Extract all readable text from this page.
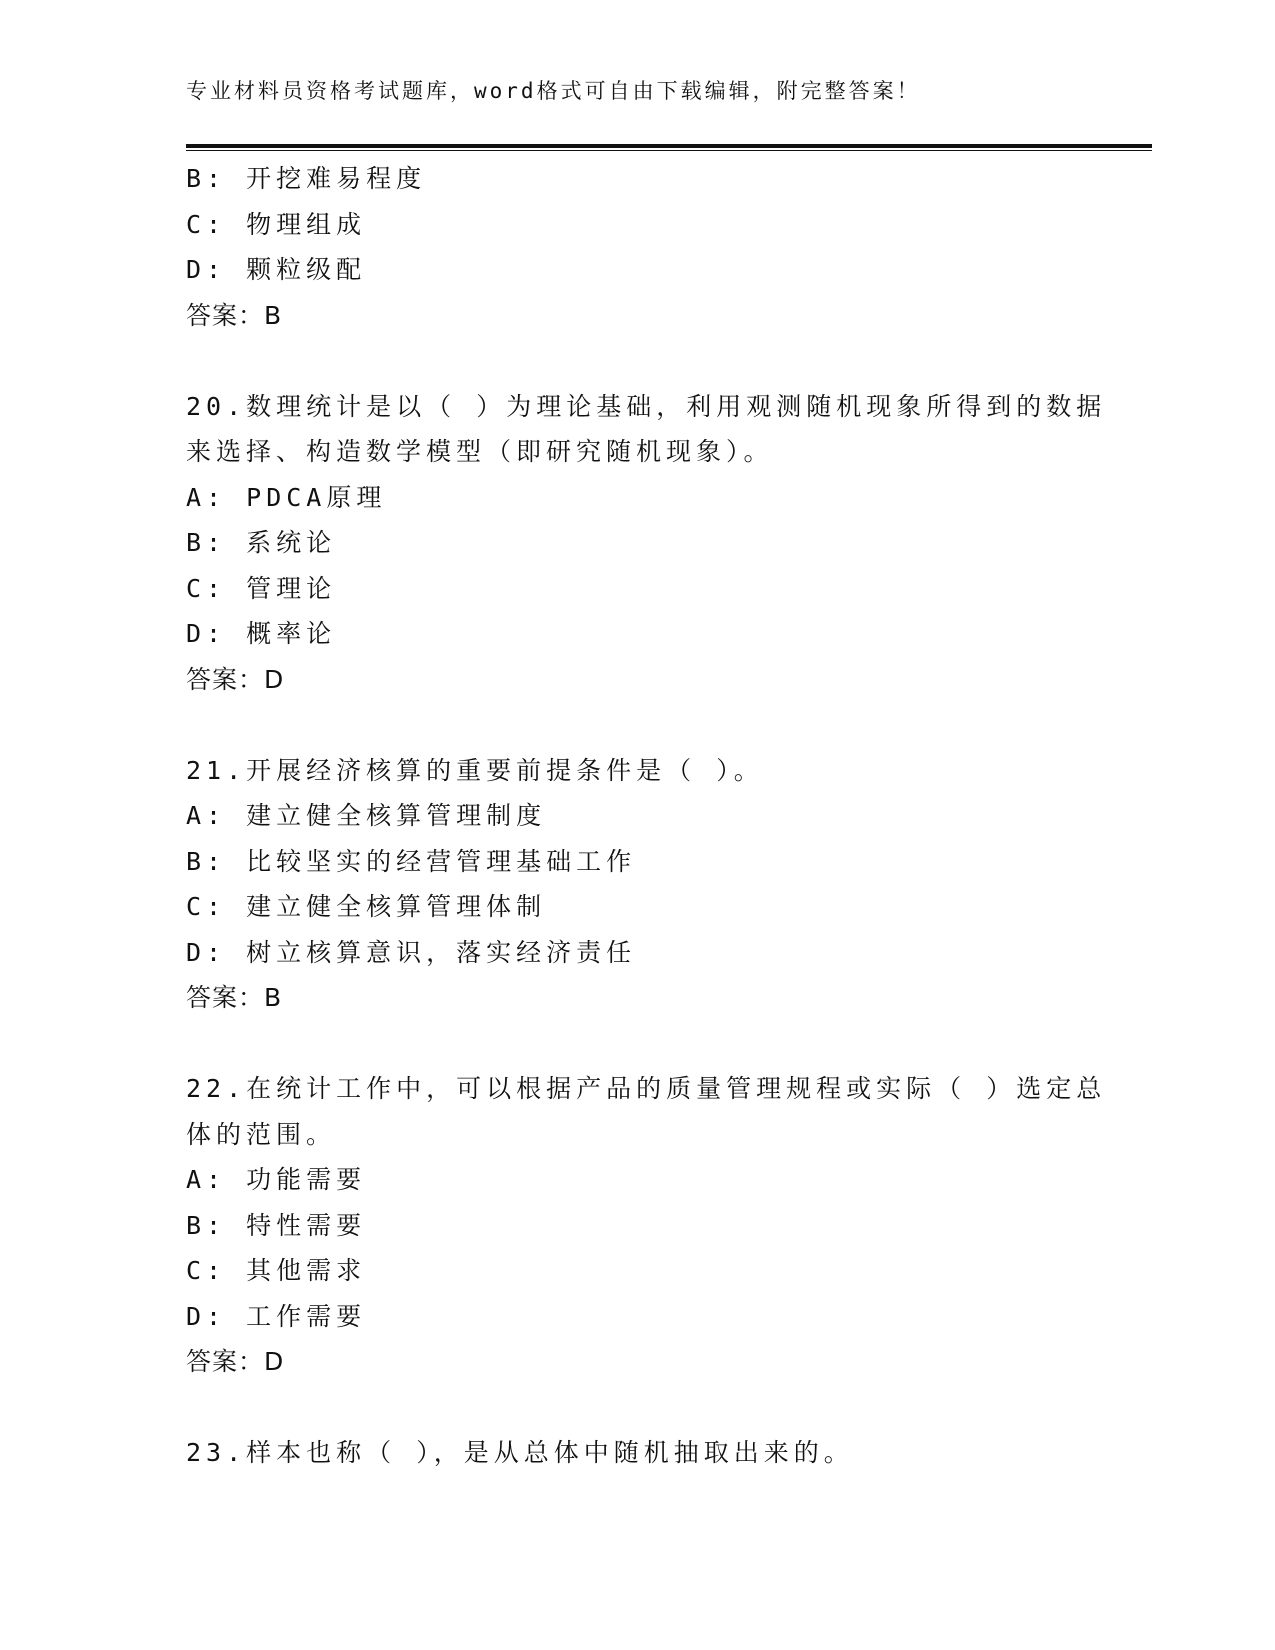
专业材料员资格考试题库，word格式可自由下载编辑，附完整答案！
B: 开挖难易程度
C: 物理组成
D: 颗粒级配
答案：B
20.数理统计是以（ ）为理论基础，利用观测随机现象所得到的数据
来选择、构造数学模型（即研究随机现象）。
A: PDCA原理
B: 系统论
C: 管理论
D: 概率论
答案：D
21.开展经济核算的重要前提条件是（ ）。
A: 建立健全核算管理制度
B: 比较坚实的经营管理基础工作
C: 建立健全核算管理体制
D: 树立核算意识，落实经济责任
答案：B
22.在统计工作中，可以根据产品的质量管理规程或实际（ ）选定总
体的范围。
A: 功能需要
B: 特性需要
C: 其他需求
D: 工作需要
答案：D
23.样本也称（ ），是从总体中随机抽取出来的。
